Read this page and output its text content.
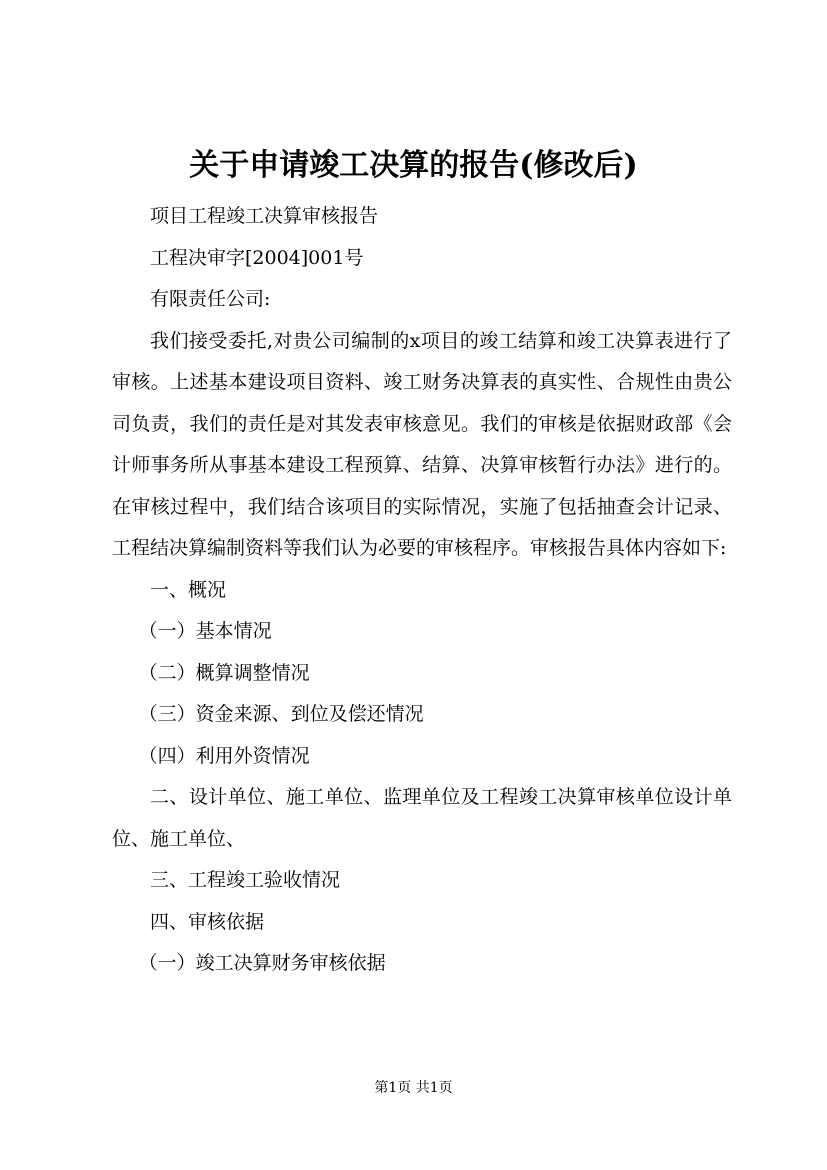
关于申请竣工决算的报告(修改后)

项目工程竣工决算审核报告

工程决审字[2004]001号

有限责任公司:

我们接受委托,对贵公司编制的x项目的竣工结算和竣工决算表进行了审核。上述基本建设项目资料、竣工财务决算表的真实性、合规性由贵公司负责，我们的责任是对其发表审核意见。我们的审核是依据财政部《会计师事务所从事基本建设工程预算、结算、决算审核暂行办法》进行的。在审核过程中，我们结合该项目的实际情况，实施了包括抽查会计记录、工程结决算编制资料等我们认为必要的审核程序。审核报告具体内容如下:

一、概况

（一）基本情况

（二）概算调整情况

（三）资金来源、到位及偿还情况

（四）利用外资情况

二、设计单位、施工单位、监理单位及工程竣工决算审核单位设计单位、施工单位、

三、工程竣工验收情况

四、审核依据

（一）竣工决算财务审核依据

第1页 共1页
